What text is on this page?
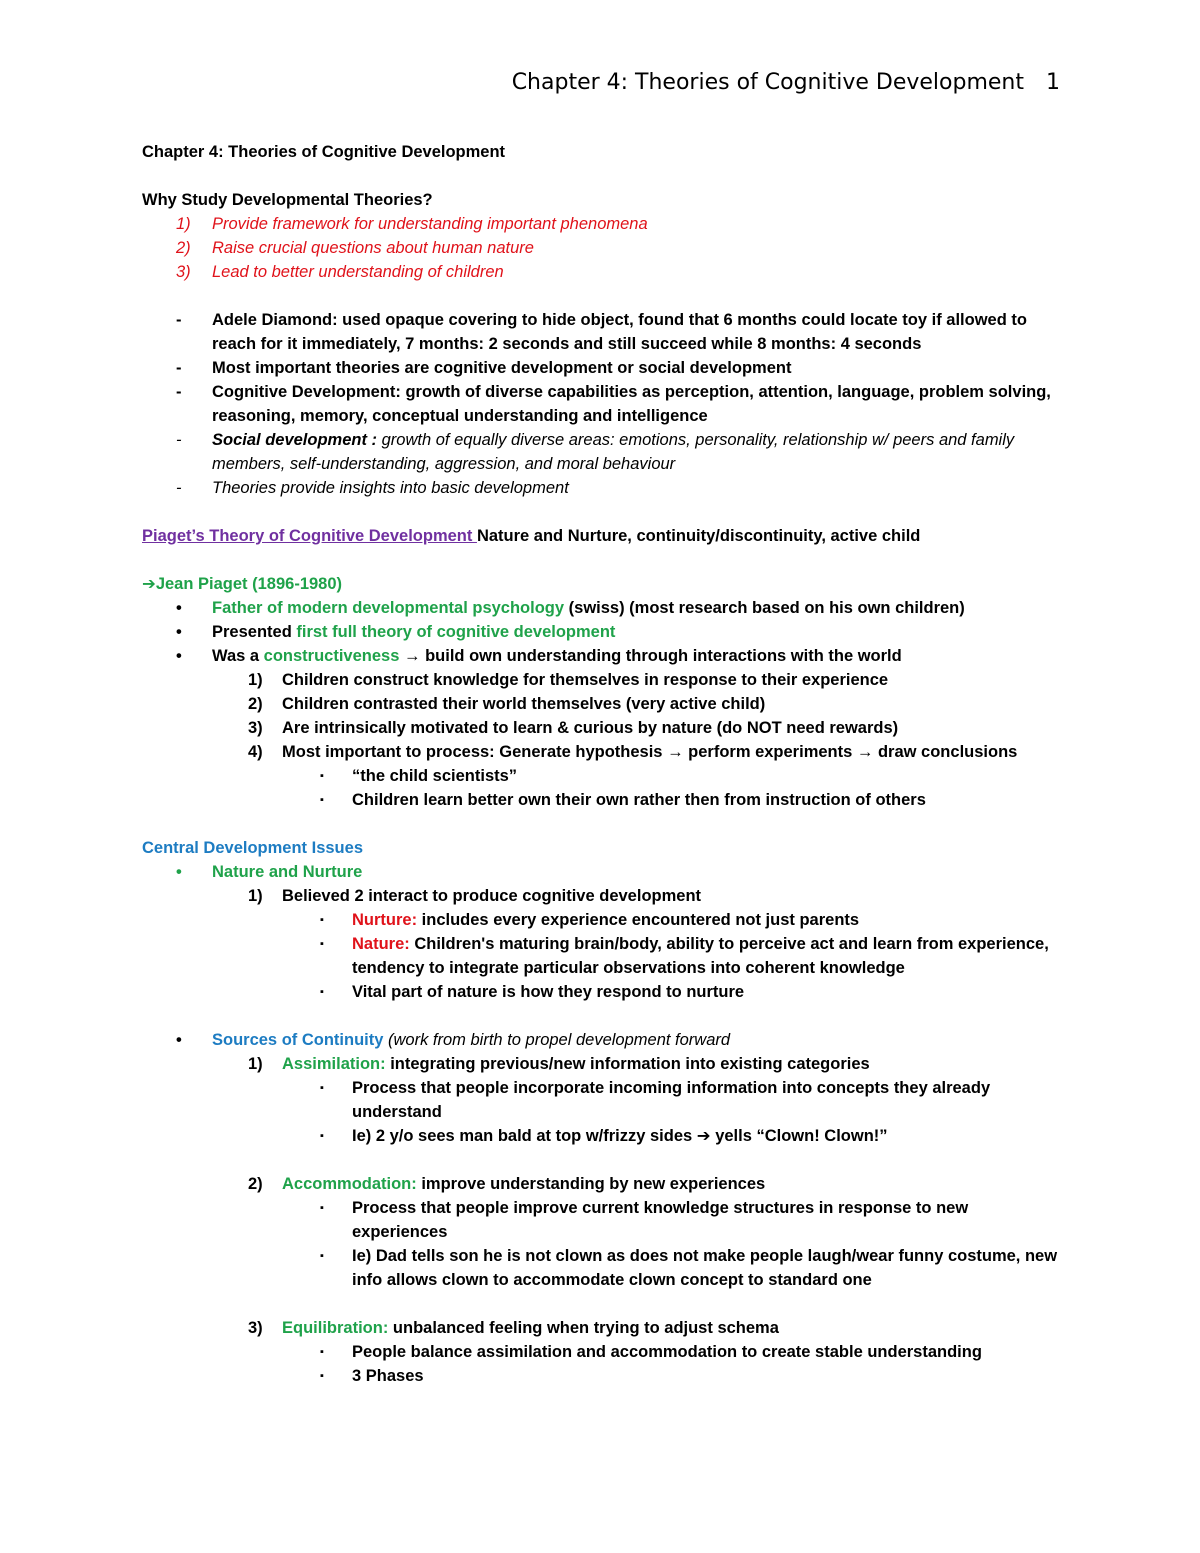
Chapter 4: Theories of Cognitive Development 1
Chapter 4: Theories of Cognitive Development
Why Study Developmental Theories?
1) Provide framework for understanding important phenomena
2) Raise crucial questions about human nature
3) Lead to better understanding of children
- Adele Diamond: used opaque covering to hide object, found that 6 months could locate toy if allowed to reach for it immediately, 7 months: 2 seconds and still succeed while 8 months: 4 seconds
- Most important theories are cognitive development or social development
- Cognitive Development: growth of diverse capabilities as perception, attention, language, problem solving, reasoning, memory, conceptual understanding and intelligence
- Social development : growth of equally diverse areas: emotions, personality, relationship w/ peers and family members, self-understanding, aggression, and moral behaviour
- Theories provide insights into basic development
Piaget’s Theory of Cognitive Development Nature and Nurture, continuity/discontinuity, active child
➔Jean Piaget (1896-1980)
• Father of modern developmental psychology (swiss) (most research based on his own children)
• Presented first full theory of cognitive development
• Was a constructiveness → build own understanding through interactions with the world
1) Children construct knowledge for themselves in response to their experience
2) Children contrasted their world themselves (very active child)
3) Are intrinsically motivated to learn & curious by nature (do NOT need rewards)
4) Most important to process: Generate hypothesis → perform experiments → draw conclusions
▪ “the child scientists”
▪ Children learn better own their own rather then from instruction of others
Central Development Issues
• Nature and Nurture
1) Believed 2 interact to produce cognitive development
▪ Nurture: includes every experience encountered not just parents
▪ Nature: Children's maturing brain/body, ability to perceive act and learn from experience, tendency to integrate particular observations into coherent knowledge
▪ Vital part of nature is how they respond to nurture
• Sources of Continuity (work from birth to propel development forward
1) Assimilation: integrating previous/new information into existing categories
▪ Process that people incorporate incoming information into concepts they already understand
▪ Ie) 2 y/o sees man bald at top w/frizzy sides ➔ yells “Clown! Clown!”
2) Accommodation: improve understanding by new experiences
▪ Process that people improve current knowledge structures in response to new experiences
▪ Ie) Dad tells son he is not clown as does not make people laugh/wear funny costume, new info allows clown to accommodate clown concept to standard one
3) Equilibration: unbalanced feeling when trying to adjust schema
▪ People balance assimilation and accommodation to create stable understanding
▪ 3 Phases
